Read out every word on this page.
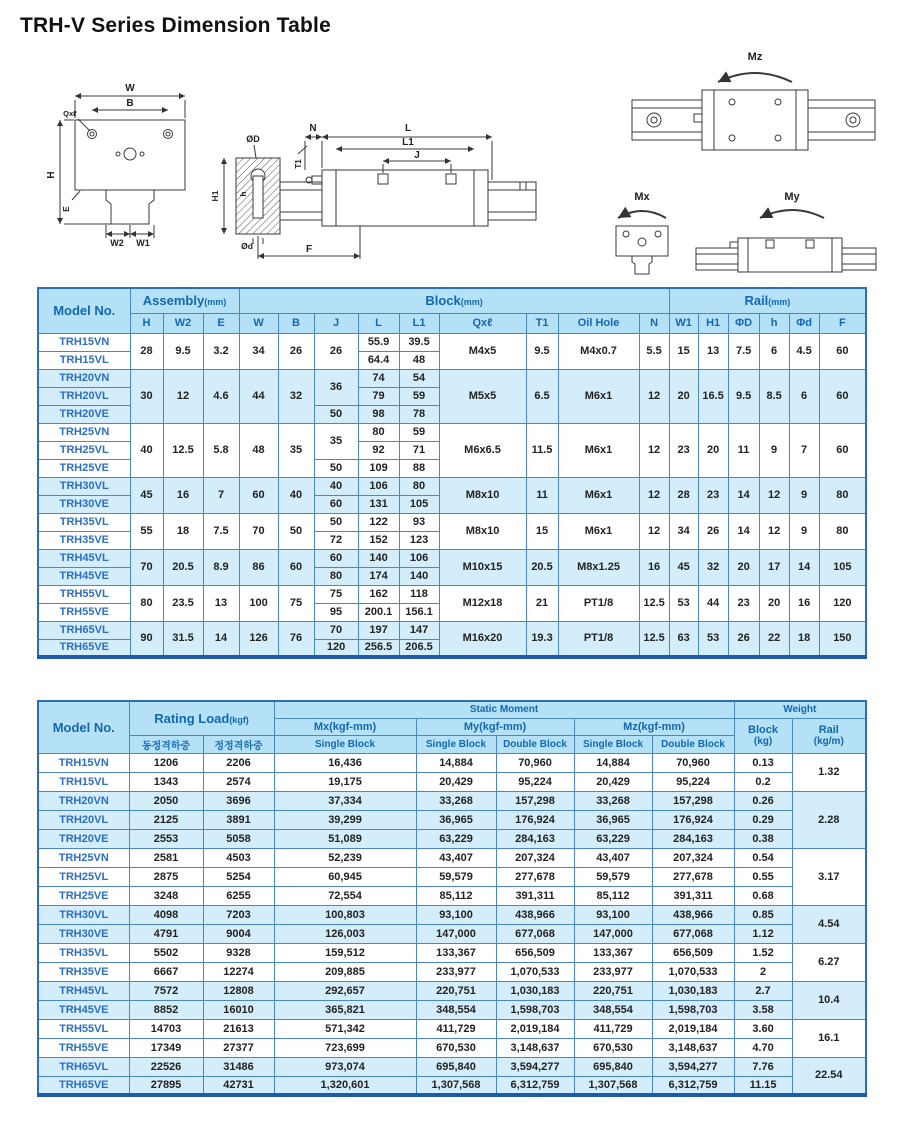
TRH-V Series Dimension Table
W
B
Qxℓ
H
E
W2 W1
ØD
T1
H1 h
Ød	F
N	L
L1
J
Mz
Mx	My
Model No.	Assembly(mm)			Block(mm)									Rail(mm)					
	H	W2	E	W	B	J	L	L1	Qxℓ	T1	Oil Hole	N	W1	H1	ΦD	h	Φd	F
TRH15VN	28	9.5	3.2	34	26	26	55.9	39.5	M4x5	9.5	M4x0.7	5.5	15	13	7.5	6	4.5	60
TRH15VL							64.4	48										
TRH20VN	30	12	4.6	44	32	36	74	54	M5x5	6.5	M6x1	12	20	16.5	9.5	8.5	6	60
TRH20VL							79	59										
TRH20VE						50	98	78										
TRH25VN	40	12.5	5.8	48	35	35	80	59	M6x6.5	11.5	M6x1	12	23	20	11	9	7	60
TRH25VL							92	71										
TRH25VE						50	109	88										
TRH30VL	45	16	7	60	40	40	106	80	M8x10	11	M6x1	12	28	23	14	12	9	80
TRH30VE						60	131	105										
TRH35VL	55	18	7.5	70	50	50	122	93	M8x10	15	M6x1	12	34	26	14	12	9	80
TRH35VE						72	152	123										
TRH45VL	70	20.5	8.9	86	60	60	140	106	M10x15	20.5	M8x1.25	16	45	32	20	17	14	105
TRH45VE						80	174	140										
TRH55VL	80	23.5	13	100	75	75	162	118	M12x18	21	PT1/8	12.5	53	44	23	20	16	120
TRH55VE						95	200.1	156.1										
TRH65VL	90	31.5	14	126	76	70	197	147	M16x20	19.3	PT1/8	12.5	63	53	26	22	18	150
TRH65VE						120	256.5	206.5										
Model No.	Rating Load(kgf)		Static Moment					Weight	
Mx(kgf-mm)	My(kgf-mm)	Mz(kgf-mm)	Block
(kg)

Rail
(kg/m)

	동정격하중	정정격하중	Single Block	Single Block	Double Block	Single Block	Double Block		
TRH15VN	1206	2206	16,436	14,884	70,960	14,884	70,960	0.13	1.32
TRH15VL	1343	2574	19,175	20,429	95,224	20,429	95,224	0.2	
TRH20VN	2050	3696	37,334	33,268	157,298	33,268	157,298	0.26	2.28
TRH20VL	2125	3891	39,299	36,965	176,924	36,965	176,924	0.29	
TRH20VE	2553	5058	51,089	63,229	284,163	63,229	284,163	0.38	
TRH25VN	2581	4503	52,239	43,407	207,324	43,407	207,324	0.54	3.17
TRH25VL	2875	5254	60,945	59,579	277,678	59,579	277,678	0.55	
TRH25VE	3248	6255	72,554	85,112	391,311	85,112	391,311	0.68	
TRH30VL	4098	7203	100,803	93,100	438,966	93,100	438,966	0.85	4.54
TRH30VE	4791	9004	126,003	147,000	677,068	147,000	677,068	1.12	
TRH35VL	5502	9328	159,512	133,367	656,509	133,367	656,509	1.52	6.27
TRH35VE	6667	12274	209,885	233,977	1,070,533	233,977	1,070,533	2	
TRH45VL	7572	12808	292,657	220,751	1,030,183	220,751	1,030,183	2.7	10.4
TRH45VE	8852	16010	365,821	348,554	1,598,703	348,554	1,598,703	3.58	
TRH55VL	14703	21613	571,342	411,729	2,019,184	411,729	2,019,184	3.60	16.1
TRH55VE	17349	27377	723,699	670,530	3,148,637	670,530	3,148,637	4.70	
TRH65VL	22526	31486	973,074	695,840	3,594,277	695,840	3,594,277	7.76	22.54
TRH65VE	27895	42731	1,320,601	1,307,568	6,312,759	1,307,568	6,312,759	11.15	
